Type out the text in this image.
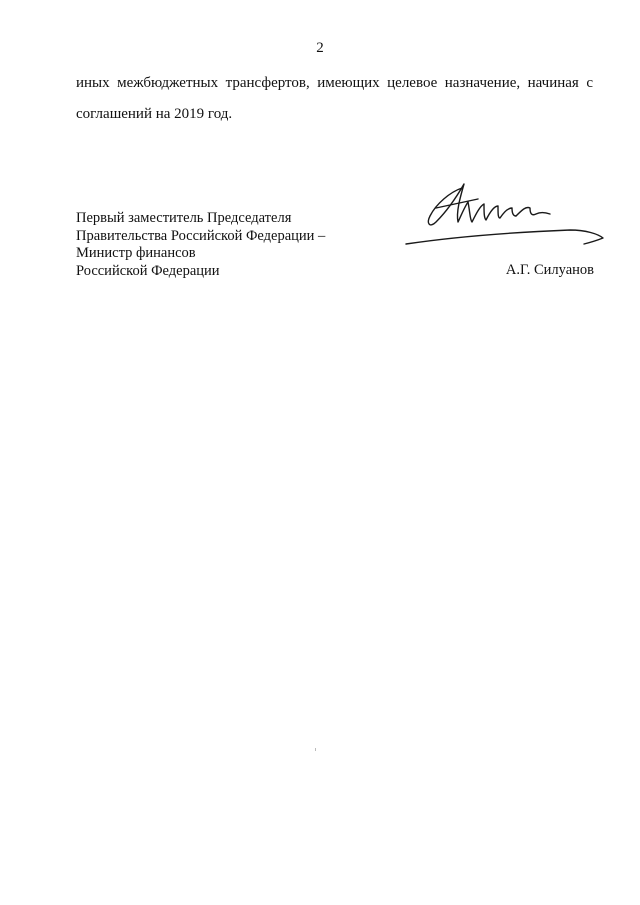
2
иных межбюджетных трансфертов, имеющих целевое назначение, начиная с
соглашений на 2019 год.
Первый заместитель Председателя
Правительства Российской Федерации –
Министр финансов
Российской Федерации	А.Г. Силуанов
